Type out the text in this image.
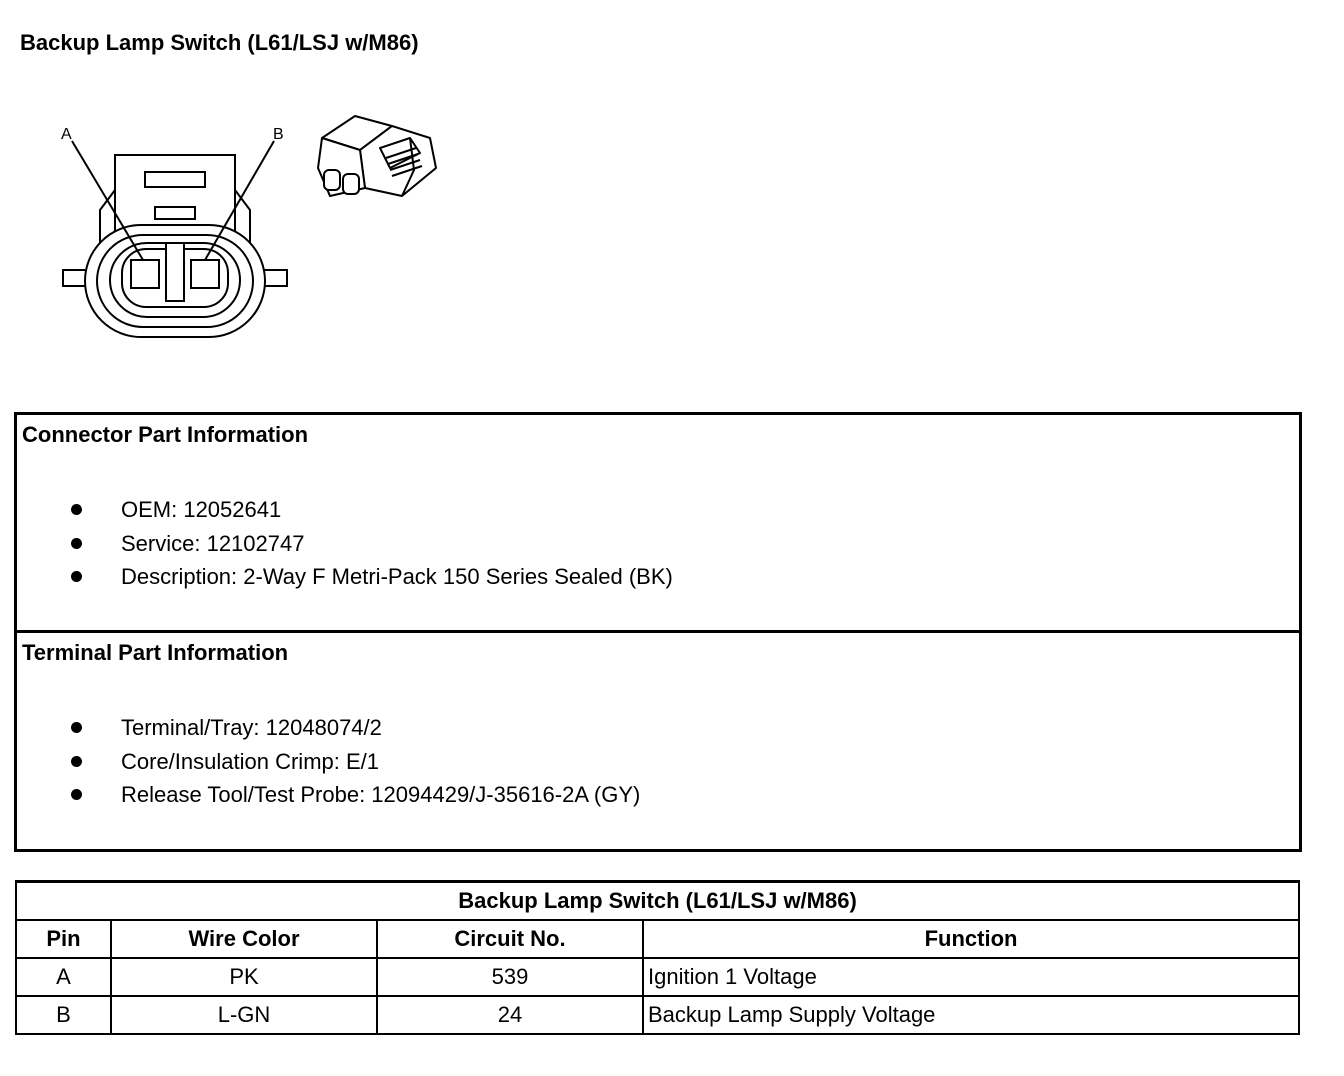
Backup Lamp Switch (L61/LSJ w/M86)
A	B
Connector Part Information
OEM: 12052641
Service: 12102747
Description: 2-Way F Metri-Pack 150 Series Sealed (BK)
Terminal Part Information
Terminal/Tray: 12048074/2
Core/Insulation Crimp: E/1
Release Tool/Test Probe: 12094429/J-35616-2A (GY)
Backup Lamp Switch (L61/LSJ w/M86)			
Pin	Wire Color	Circuit No.	Function
A	PK	539	Ignition 1 Voltage
B	L-GN	24	Backup Lamp Supply Voltage
